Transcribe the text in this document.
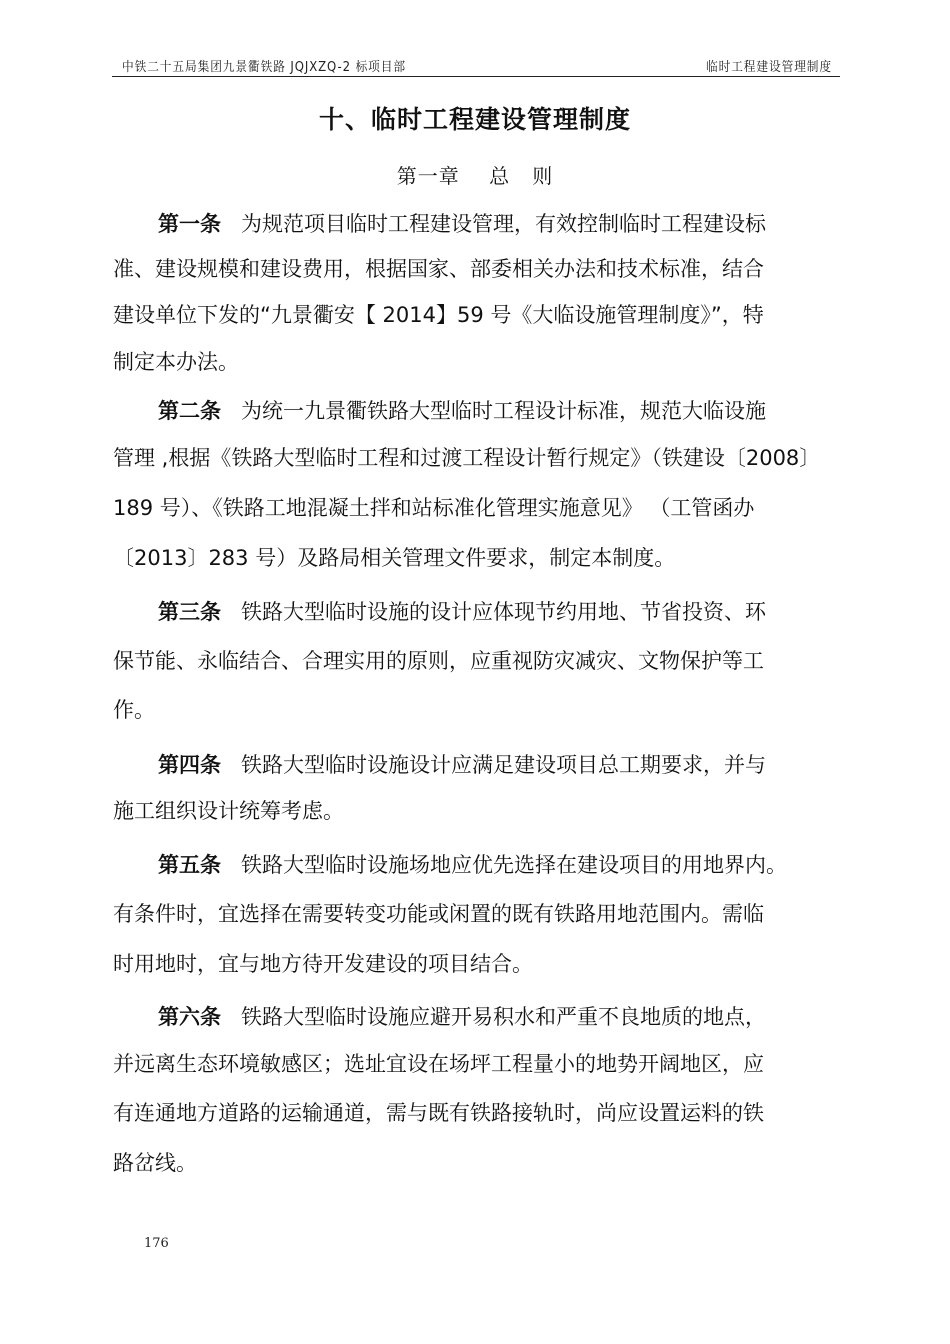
中铁二十五局集团九景衢铁路 JQJXZQ-2 标项目部	临时工程建设管理制度
十、临时工程建设管理制度
第一章    总   则
第一条 为规范项目临时工程建设管理，有效控制临时工程建设标
准、建设规模和建设费用，根据国家、部委相关办法和技术标准，结合
建设单位下发的“九景衢安【 2014】59 号《大临设施管理制度》”，特
制定本办法。
第二条 为统一九景衢铁路大型临时工程设计标准，规范大临设施
管理 ,根据《铁路大型临时工程和过渡工程设计暂行规定》（铁建设〔2008〕
189 号）、《铁路工地混凝土拌和站标准化管理实施意见》 （工管函办
〔2013〕283 号）及路局相关管理文件要求，制定本制度。
第三条 铁路大型临时设施的设计应体现节约用地、节省投资、环
保节能、永临结合、合理实用的原则，应重视防灾减灾、文物保护等工
作。
第四条 铁路大型临时设施设计应满足建设项目总工期要求，并与
施工组织设计统筹考虑。
第五条 铁路大型临时设施场地应优先选择在建设项目的用地界内。
有条件时，宜选择在需要转变功能或闲置的既有铁路用地范围内。需临
时用地时，宜与地方待开发建设的项目结合。
第六条 铁路大型临时设施应避开易积水和严重不良地质的地点，
并远离生态环境敏感区；选址宜设在场坪工程量小的地势开阔地区，应
有连通地方道路的运输通道，需与既有铁路接轨时，尚应设置运料的铁
路岔线。
176
